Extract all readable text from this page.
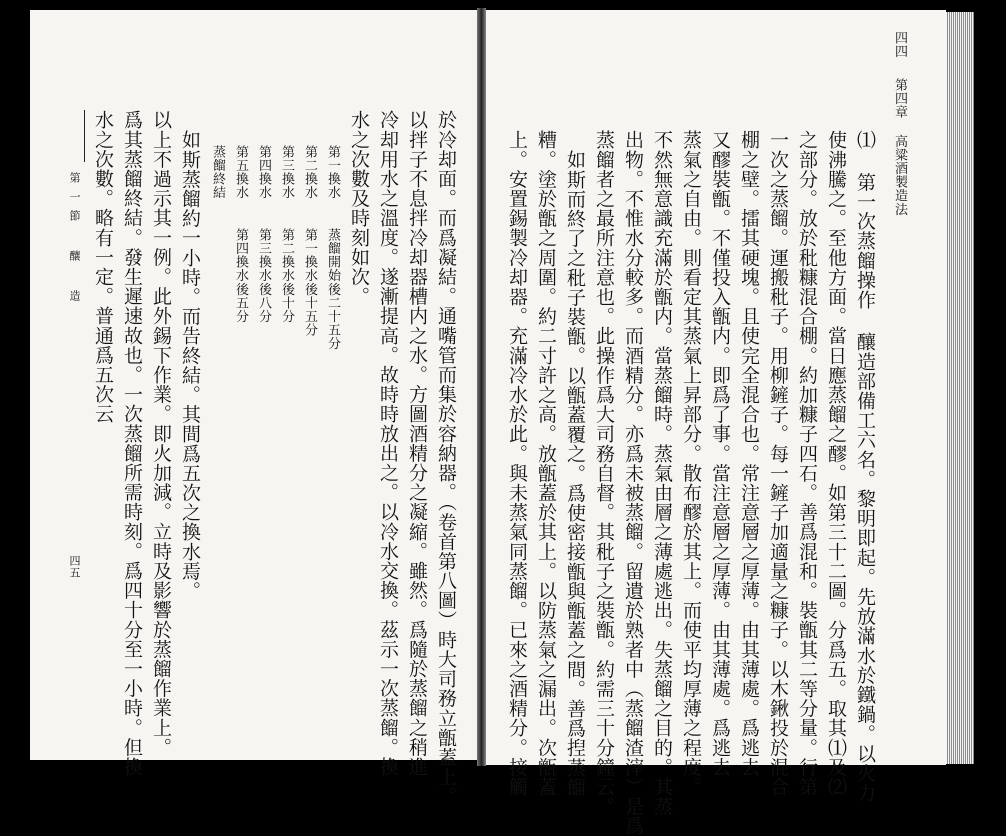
四四
第四章 高粱酒製造法
⑴ 第一次蒸餾操作 釀造部備工六名。黎明即起。先放滿水於鐵鍋。以火力
使沸騰之。至他方面。當日應蒸餾之醪。如第三十二圖。分爲五。取其⑴及⑵
之部分。放於秕糠混合棚。約加糠子四石。善爲混和。裝甑其二等分量。行第
一次之蒸餾。運搬秕子。用柳鏟子。每一鏟子加適量之糠子。以木鍬投於混合
棚之壁。擂其硬塊。且使完全混合也。常注意層之厚薄。由其薄處。爲逃去
又醪裝甑。不僅投入甑内。即爲了事。當注意層之厚薄。由其薄處。爲逃去
蒸氣之自由。則看定其蒸氣上昇部分。散布醪於其上。而使平均厚薄之程度。
不然無意識充滿於甑内。當蒸餾時。蒸氣由層之薄處逃出。失蒸餾之目的。其蒸
出物。不惟水分較多。而酒精分。亦爲未被蒸餾。留遺於熟者中（蒸餾渣滓）是爲
蒸餾者之最所注意也。此操作爲大司務自督。其秕子之裝甑。約需三十分鐘云。
如斯而終了之秕子裝甑。以甑蓋覆之。爲使密接甑與甑蓋之間。善爲揑蒸餾
糟。塗於甑之周圍。約二寸許之高。放甑蓋於其上。以防蒸氣之漏出。次甑蓋
上。安置錫製冷却器。充滿冷水於此。與未蒸氣同蒸餾。已來之酒精分。接觸
於冷却面。而爲凝結。通嘴管而集於容納器。（卷首第八圖）時大司務立甑蓋上。
以拌子不息拌冷却器槽内之水。方圖酒精分之凝縮。雖然。爲隨於蒸餾之稍進
冷却用水之溫度。遂漸提高。故時時放出之。以冷水交換。茲示一次蒸餾。換
水之次數及時刻如次。
第一換水
蒸餾開始後二十五分
第二換水
第一換水後十五分
第三換水
第二換水後十分
第四換水
第三換水後八分
第五換水
第四換水後五分
蒸餾終結
如斯蒸餾約一小時。而告終結。其間爲五次之換水焉。
以上不過示其一例。此外錫下作業。即火加減。立時及影響於蒸餾作業上。
爲其蒸餾終結。發生遲速故也。一次蒸餾所需時刻。爲四十分至一小時。但換
水之次數。略有一定。普通爲五次云
第一節 釀 造
四五
